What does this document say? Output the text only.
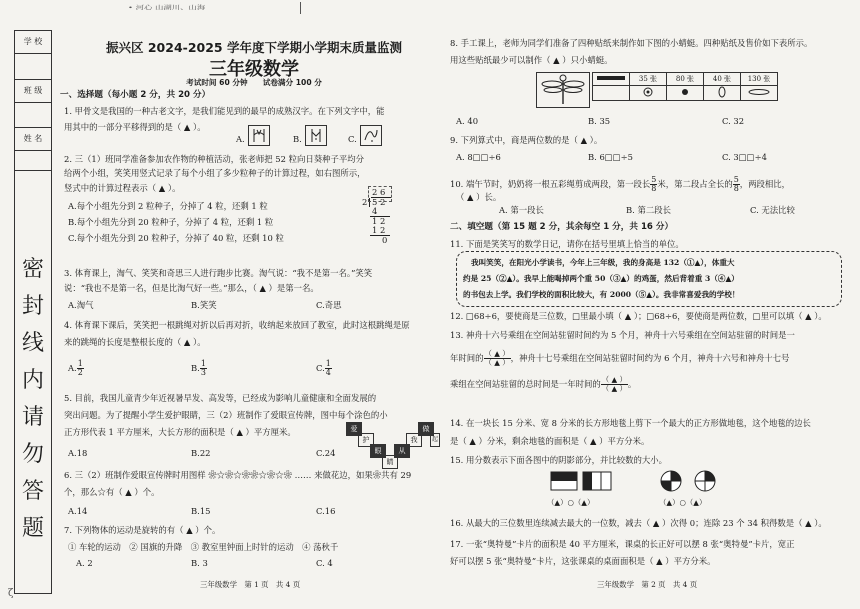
• 河心 山湖川、山海
学 校
班 级
姓 名
密
封
线
内
请
勿
答
题
振兴区 2024-2025 学年度下学期小学期末质量监测
三年级数学
考试时间 60 分钟　　试卷满分 100 分
一、选择题（每小题 2 分，共 20 分）
1. 甲骨文是我国的一种古老文字，是我们能见到的最早的成熟汉字。在下列文字中，能
用其中的一部分平移得到的是（ ▲ ）。
A.	B.	C.
2. 三（1）班同学准备参加农作物的种植活动，张老师把 52 粒向日葵种子平均分
给两个小组，笑笑用竖式记录了每个小组了多少粒种子的计算过程，如右图所示，
竖式中的计算过程表示（ ▲ ）。
A.每个小组先分到 2 粒种子，分掉了 4 粒，还剩 1 粒
B.每个小组先分到 20 粒种子，分掉了 4 粒，还剩 1 粒
C.每个小组先分到 20 粒种子，分掉了 40 粒，还剩 10 粒
2 6
2 5 2
4
1 2
1 2
0
3. 体育课上，淘气、笑笑和奇思三人进行跑步比赛。淘气说：“我不是第一名。”笑笑
说：“我也不是第一名，但是比淘气好一些。”那么，（ ▲ ）是第一名。
A.淘气	B.笑笑	C.奇思
4. 体育课下课后，笑笑把一根跳绳对折以后再对折，收纳起来放回了教室，此时这根跳绳是原
来的跳绳的长度是整根长度的（ ▲ ）。
A. $\frac{1}{2}$	B. $\frac{1}{3}$	C. $\frac{1}{4}$
5. 目前，我国儿童青少年近视暑早发、高发等，已经成为影响儿童健康和全面发展的
突出问题。为了提醒小学生爱护眼睛，三（2）班制作了爱眼宣传牌，图中每个涂色的小
正方形代表 1 平方厘米，大长方形的面积是（ ▲ ）平方厘米。
A.18	B.22	C.24
爱
护
眼
睛
从
我
做
起
6. 三（2）班制作爱眼宣传牌时用图样 ❀☆❀☆❀❀☆❀☆❀ …… 来做花边，如果❀共有 29
个，那么☆有（ ▲ ）个。
A.14	B.15	C.16
7. 下列物体的运动是旋转的有（ ▲ ）个。
① 车轮的运动　② 国旗的升降　③ 教室里钟面上时针的运动　④ 荡秋千
A. 2	B. 3	C. 4
三年级数学　第 1 页　共 4 页
ζ
8. 手工课上，老师为同学们准备了四种贴纸来制作如下图的小蜻蜓。四种贴纸及售价如下表所示。
用这些贴纸最少可以制作（ ▲ ）只小蜻蜓。
	35 张	80 张	40 张	130 张

A. 40	B. 35	C. 32
9. 下列算式中，商是两位数的是（ ▲ ）。
A. 8□□÷6	B. 6□□÷5	C. 3□□÷4
10. 端午节时，奶奶将一根五彩绳剪成两段，第一段长 $\frac{5}{8}$ 米，第二段占全长的 $\frac{5}{8}$ ，两段相比，
（ ▲ ）长。
A. 第一段长	B. 第二段长	C. 无法比较
二、填空题（第 15 题 2 分，其余每空 1 分，共 16 分）
11. 下面是笑笑写的数学日记，请你在括号里填上恰当的单位。
我叫笑笑，在阳光小学读书，今年上三年级，我的身高是 132（①▲），体重大
约是 25（②▲）。我早上能喝掉两个重 50（③▲）的鸡蛋，然后背着重 3（④▲）
的书包去上学。我们学校的面积比较大，有 2000（⑤▲）。我非常喜爱我的学校！
12. □68÷6，要使商是三位数，□里最小填（ ▲ ）；□68÷6，要使商是两位数，□里可以填（ ▲ ）。
13. 神舟十六号乘组在空间站驻留时间约为 5 个月，神舟十六号乘组在空间站驻留的时间是一
年时间的 $\frac{( ▲ )}{( ▲ )}$ ，神舟十七号乘组在空间站驻留时间约为 6 个月，神舟十六号和神舟十七号
乘组在空间站驻留的总时间是一年时间的 $\frac{( ▲ )}{( ▲ )}$ 。
14. 在一块长 15 分米、宽 8 分米的长方形地毯上剪下一个最大的正方形做地毯，这个地毯的边长
是（ ▲ ）分米，剩余地毯的面积是（ ▲ ）平方分米。
15. 用分数表示下面各图中的阴影部分，并比较数的大小。
（▲）○（▲）	（▲）○（▲）
16. 从最大的三位数里连续减去最大的一位数，减去（ ▲ ）次得 0；连除 23 个 34 积得数是（ ▲ ）。
17. 一张“奥特曼”卡片的面积是 40 平方厘米，课桌的长正好可以摆 8 张“奥特曼”卡片，宽正
好可以摆 5 张“奥特曼”卡片，这张课桌的桌面面积是（ ▲ ）平方分米。
三年级数学　第 2 页　共 4 页
